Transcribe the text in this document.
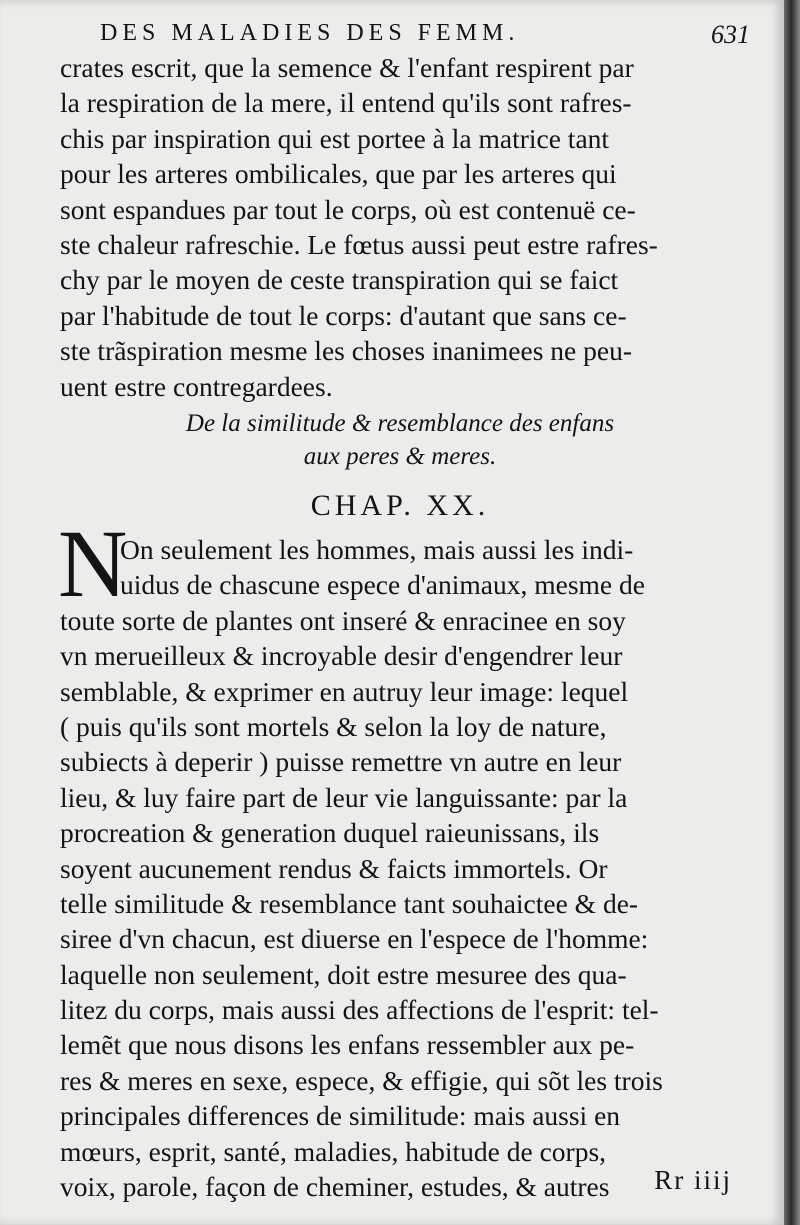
DES MALADIES DES FEMM.	631
crates escrit, que la semence & l'enfant respirent par
la respiration de la mere, il entend qu'ils sont rafres-
chis par inspiration qui est portee à la matrice tant
pour les arteres ombilicales, que par les arteres qui
sont espandues par tout le corps, où est contenuë ce-
ste chaleur rafreschie. Le fœtus aussi peut estre rafres-
chy par le moyen de ceste transpiration qui se faict
par l'habitude de tout le corps: d'autant que sans ce-
ste trãspiration mesme les choses inanimees ne peu-
uent estre contregardees.
De la similitude & resemblance des enfans
aux peres & meres.
CHAP. XX.
N
On seulement les hommes, mais aussi les indi-
uidus de chascune espece d'animaux, mesme de
toute sorte de plantes ont inseré & enracinee en soy
vn merueilleux & incroyable desir d'engendrer leur
semblable, & exprimer en autruy leur image: lequel
( puis qu'ils sont mortels & selon la loy de nature,
subiects à deperir ) puisse remettre vn autre en leur
lieu, & luy faire part de leur vie languissante: par la
procreation & generation duquel raieunissans, ils
soyent aucunement rendus & faicts immortels. Or
telle similitude & resemblance tant souhaictee & de-
siree d'vn chacun, est diuerse en l'espece de l'homme:
laquelle non seulement, doit estre mesuree des qua-
litez du corps, mais aussi des affections de l'esprit: tel-
lemẽt que nous disons les enfans ressembler aux pe-
res & meres en sexe, espece, & effigie, qui sõt les trois
principales differences de similitude: mais aussi en
mœurs, esprit, santé, maladies, habitude de corps,
voix, parole, façon de cheminer, estudes, & autres	Rr iiij
